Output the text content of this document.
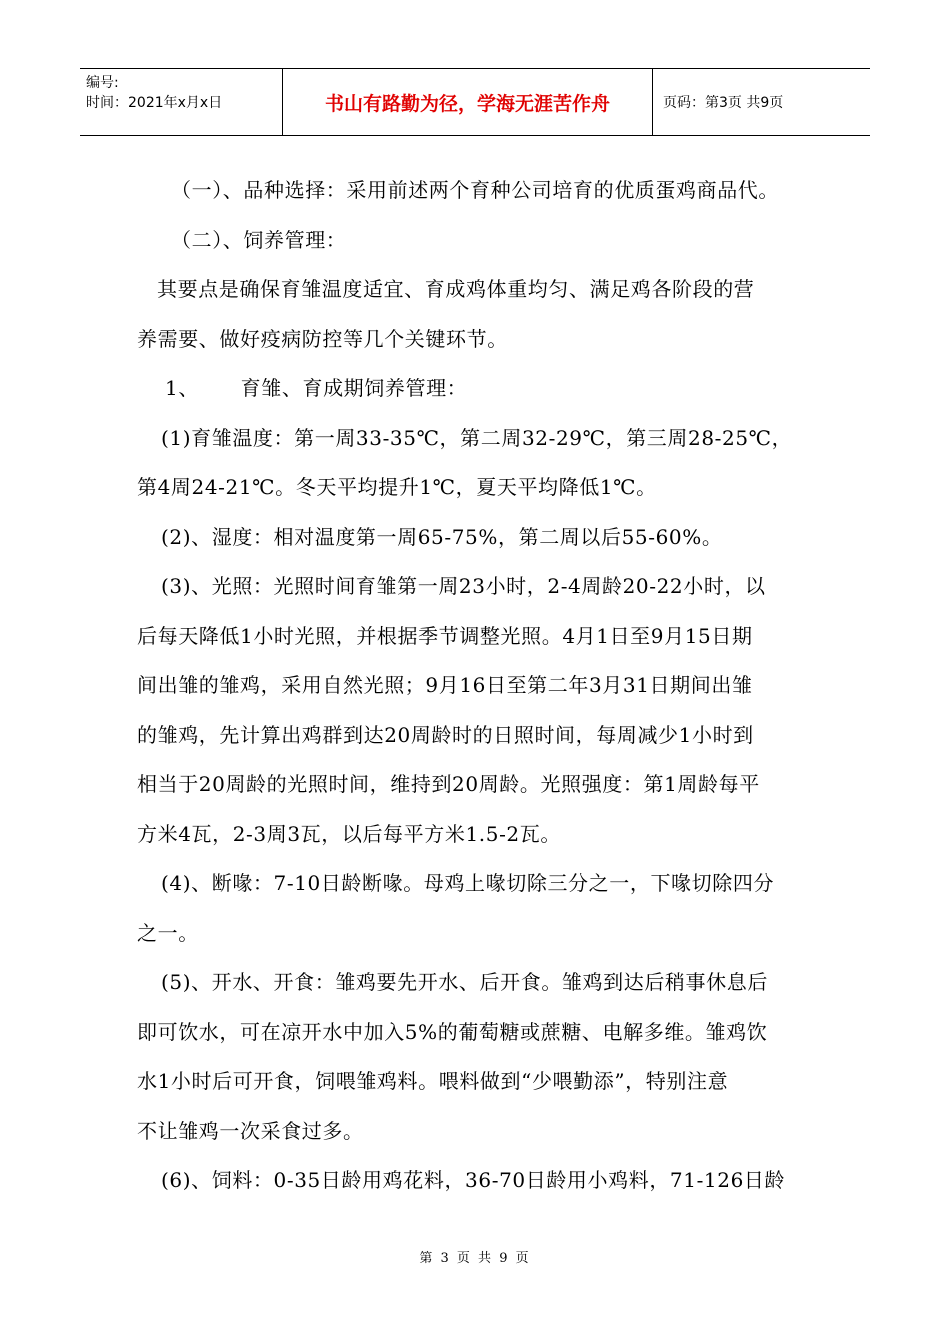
编号:
时间：2021年x月x日	书山有路勤为径，学海无涯苦作舟	页码：第3页 共9页

（一）、品种选择：采用前述两个育种公司培育的优质蛋鸡商品代。

（二）、饲养管理：

其要点是确保育雏温度适宜、育成鸡体重均匀、满足鸡各阶段的营

养需要、做好疫病防控等几个关键环节。

1、      育雏、育成期饲养管理：

(1)育雏温度：第一周33-35℃，第二周32-29℃，第三周28-25℃，

第4周24-21℃。冬天平均提升1℃，夏天平均降低1℃。

(2)、湿度：相对温度第一周65-75%，第二周以后55-60%。

(3)、光照：光照时间育雏第一周23小时，2-4周龄20-22小时，以

后每天降低1小时光照，并根据季节调整光照。4月1日至9月15日期

间出雏的雏鸡，采用自然光照；9月16日至第二年3月31日期间出雏

的雏鸡，先计算出鸡群到达20周龄时的日照时间，每周减少1小时到

相当于20周龄的光照时间，维持到20周龄。光照强度：第1周龄每平

方米4瓦，2-3周3瓦，以后每平方米1.5-2瓦。

(4)、断喙：7-10日龄断喙。母鸡上喙切除三分之一，下喙切除四分

之一。

(5)、开水、开食：雏鸡要先开水、后开食。雏鸡到达后稍事休息后

即可饮水，可在凉开水中加入5%的葡萄糖或蔗糖、电解多维。雏鸡饮

水1小时后可开食，饲喂雏鸡料。喂料做到“少喂勤添”，特别注意

不让雏鸡一次采食过多。

(6)、饲料：0-35日龄用鸡花料，36-70日龄用小鸡料，71-126日龄

第 3 页 共 9 页
